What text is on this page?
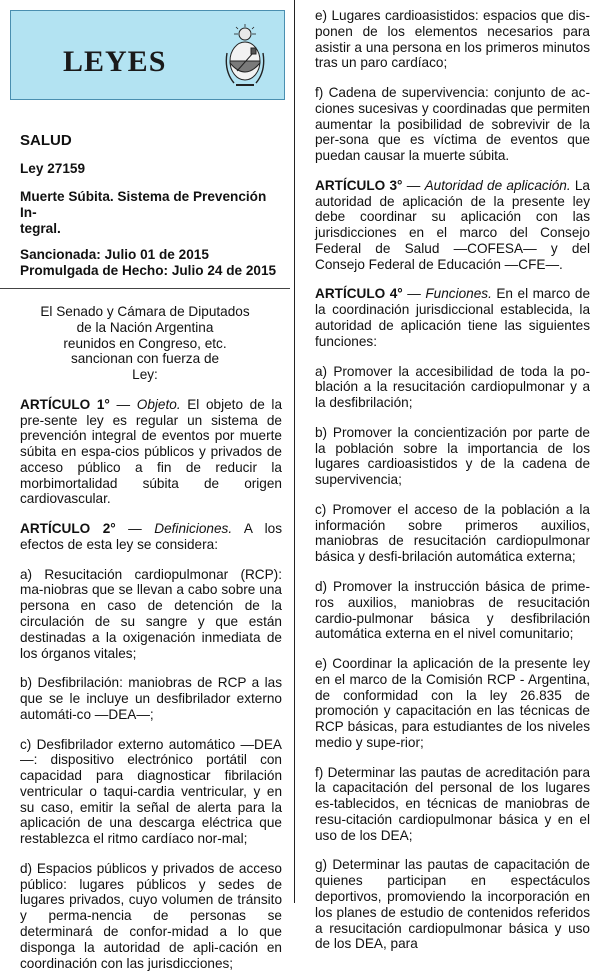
LEYES
SALUD
Ley 27159
Muerte Súbita. Sistema de Prevención In-
tegral.
Sancionada: Julio 01 de 2015
Promulgada de Hecho: Julio 24 de 2015
El Senado y Cámara de Diputados
de la Nación Argentina
reunidos en Congreso, etc.
sancionan con fuerza de
Ley:

ARTÍCULO 1° — Objeto. El objeto de la pre-sente ley es regular un sistema de prevención integral de eventos por muerte súbita en espa-cios públicos y privados de acceso público a fin de reducir la morbimortalidad súbita de origen cardiovascular.

ARTÍCULO 2° — Definiciones. A los efectos de esta ley se considera:

a) Resucitación cardiopulmonar (RCP): ma-niobras que se llevan a cabo sobre una persona en caso de detención de la circulación de su sangre y que están destinadas a la oxigenación inmediata de los órganos vitales;

b) Desfibrilación: maniobras de RCP a las que se le incluye un desfibrilador externo automáti-co —DEA—;

c) Desfibrilador externo automático —DEA—: dispositivo electrónico portátil con capacidad para diagnosticar fibrilación ventricular o taqui-cardia ventricular, y en su caso, emitir la señal de alerta para la aplicación de una descarga eléctrica que restablezca el ritmo cardíaco nor-mal;

d) Espacios públicos y privados de acceso público: lugares públicos y sedes de lugares privados, cuyo volumen de tránsito y perma-nencia de personas se determinará de confor-midad a lo que disponga la autoridad de apli-cación en coordinación con las jurisdicciones;

e) Lugares cardioasistidos: espacios que dis-ponen de los elementos necesarios para asistir a una persona en los primeros minutos tras un paro cardíaco;

f) Cadena de supervivencia: conjunto de ac-ciones sucesivas y coordinadas que permiten aumentar la posibilidad de sobrevivir de la per-sona que es víctima de eventos que puedan causar la muerte súbita.

ARTÍCULO 3° — Autoridad de aplicación. La autoridad de aplicación de la presente ley debe coordinar su aplicación con las jurisdicciones en el marco del Consejo Federal de Salud —COFESA— y del Consejo Federal de Educación —CFE—.

ARTÍCULO 4° — Funciones. En el marco de la coordinación jurisdiccional establecida, la autoridad de aplicación tiene las siguientes funciones:

a) Promover la accesibilidad de toda la po-blación a la resucitación cardiopulmonar y a la desfibrilación;

b) Promover la concientización por parte de la población sobre la importancia de los lugares cardioasistidos y de la cadena de supervivencia;

c) Promover el acceso de la población a la información sobre primeros auxilios, maniobras de resucitación cardiopulmonar básica y desfi-brilación automática externa;

d) Promover la instrucción básica de prime-ros auxilios, maniobras de resucitación cardio-pulmonar básica y desfibrilación automática externa en el nivel comunitario;

e) Coordinar la aplicación de la presente ley en el marco de la Comisión RCP - Argentina, de conformidad con la ley 26.835 de promoción y capacitación en las técnicas de RCP básicas, para estudiantes de los niveles medio y supe-rior;

f) Determinar las pautas de acreditación para la capacitación del personal de los lugares es-tablecidos, en técnicas de maniobras de resu-citación cardiopulmonar básica y en el uso de los DEA;

g) Determinar las pautas de capacitación de quienes participan en espectáculos deportivos, promoviendo la incorporación en los planes de estudio de contenidos referidos a resucitación cardiopulmonar básica y uso de los DEA, para
